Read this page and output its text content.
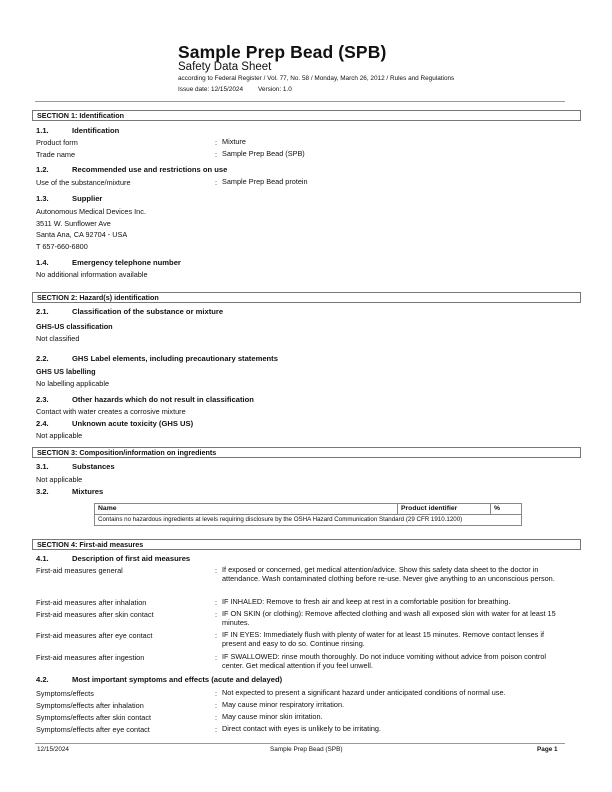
Sample Prep Bead (SPB)
Safety Data Sheet
according to Federal Register / Vol. 77, No. 58 / Monday, March 26, 2012 / Rules and Regulations
Issue date: 12/15/2024 Version: 1.0
SECTION 1: Identification
1.1.	Identification
Product form	: Mixture
Trade name	: Sample Prep Bead (SPB)
1.2.	Recommended use and restrictions on use
Use of the substance/mixture	: Sample Prep Bead protein
1.3.	Supplier
Autonomous Medical Devices Inc.
3511 W. Sunflower Ave
Santa Ana, CA 92704 - USA
T 657-660-6800
1.4.	Emergency telephone number
No additional information available
SECTION 2: Hazard(s) identification
2.1.	Classification of the substance or mixture
GHS-US classification
Not classified
2.2.	GHS Label elements, including precautionary statements
GHS US labelling
No labelling applicable
2.3.	Other hazards which do not result in classification
Contact with water creates a corrosive mixture
2.4.	Unknown acute toxicity (GHS US)
Not applicable
SECTION 3: Composition/information on ingredients
3.1.	Substances
Not applicable
3.2.	Mixtures
Name	Product identifier	%
Contains no hazardous ingredients at levels requiring disclosure by the OSHA Hazard Communication Standard (29 CFR 1910.1200)
SECTION 4: First-aid measures
4.1.	Description of first aid measures
First-aid measures general	: If exposed or concerned, get medical attention/advice. Show this safety data sheet to the doctor in attendance. Wash contaminated clothing before re-use. Never give anything to an unconscious person.
First-aid measures after inhalation	: IF INHALED: Remove to fresh air and keep at rest in a comfortable position for breathing.
First-aid measures after skin contact	: IF ON SKIN (or clothing): Remove affected clothing and wash all exposed skin with water for at least 15 minutes.
First-aid measures after eye contact	: IF IN EYES: Immediately flush with plenty of water for at least 15 minutes. Remove contact lenses if present and easy to do so. Continue rinsing.
First-aid measures after ingestion	: IF SWALLOWED: rinse mouth thoroughly. Do not induce vomiting without advice from poison control center. Get medical attention if you feel unwell.
4.2.	Most important symptoms and effects (acute and delayed)
Symptoms/effects	: Not expected to present a significant hazard under anticipated conditions of normal use.
Symptoms/effects after inhalation	: May cause minor respiratory irritation.
Symptoms/effects after skin contact	: May cause minor skin irritation.
Symptoms/effects after eye contact	: Direct contact with eyes is unlikely to be irritating.
12/15/2024	Sample Prep Bead (SPB)	Page 1
